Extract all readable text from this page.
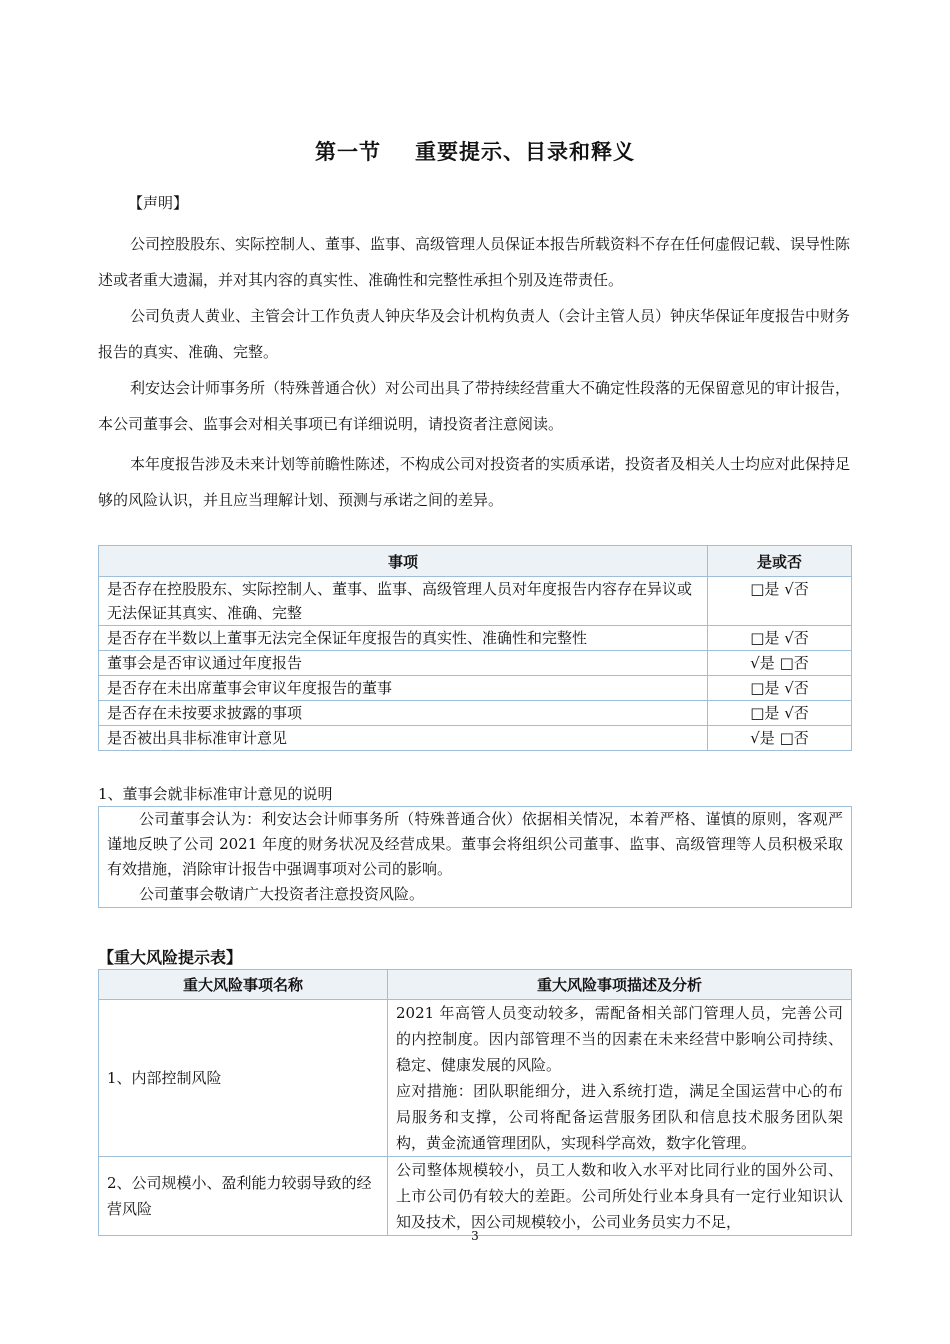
第一节 重要提示、目录和释义
【声明】
公司控股股东、实际控制人、董事、监事、高级管理人员保证本报告所载资料不存在任何虚假记载、误导性陈述或者重大遗漏，并对其内容的真实性、准确性和完整性承担个别及连带责任。
公司负责人黄业、主管会计工作负责人钟庆华及会计机构负责人（会计主管人员）钟庆华保证年度报告中财务报告的真实、准确、完整。
利安达会计师事务所（特殊普通合伙）对公司出具了带持续经营重大不确定性段落的无保留意见的审计报告，本公司董事会、监事会对相关事项已有详细说明，请投资者注意阅读。
本年度报告涉及未来计划等前瞻性陈述，不构成公司对投资者的实质承诺，投资者及相关人士均应对此保持足够的风险认识，并且应当理解计划、预测与承诺之间的差异。
事项	是或否
是否存在控股股东、实际控制人、董事、监事、高级管理人员对年度报告内容存在异议或无法保证其真实、准确、完整	□是 √否
是否存在半数以上董事无法完全保证年度报告的真实性、准确性和完整性	□是 √否
董事会是否审议通过年度报告	√是 □否
是否存在未出席董事会审议年度报告的董事	□是 √否
是否存在未按要求披露的事项	□是 √否
是否被出具非标准审计意见	√是 □否
1、董事会就非标准审计意见的说明

公司董事会认为：利安达会计师事务所（特殊普通合伙）依据相关情况，本着严格、谨慎的原则，客观严谨地反映了公司 2021 年度的财务状况及经营成果。董事会将组织公司董事、监事、高级管理等人员积极采取有效措施，消除审计报告中强调事项对公司的影响。

公司董事会敬请广大投资者注意投资风险。

【重大风险提示表】
重大风险事项名称	重大风险事项描述及分析
1、内部控制风险	2021 年高管人员变动较多，需配备相关部门管理人员，完善公司的内控制度。因内部管理不当的因素在未来经营中影响公司持续、稳定、健康发展的风险。

应对措施：团队职能细分，进入系统打造，满足全国运营中心的布局服务和支撑，公司将配备运营服务团队和信息技术服务团队架构，黄金流通管理团队，实现科学高效，数字化管理。

2、公司规模小、盈利能力较弱导致的经营风险	公司整体规模较小，员工人数和收入水平对比同行业的国外公司、上市公司仍有较大的差距。公司所处行业本身具有一定行业知识认知及技术，因公司规模较小，公司业务员实力不足，

3
